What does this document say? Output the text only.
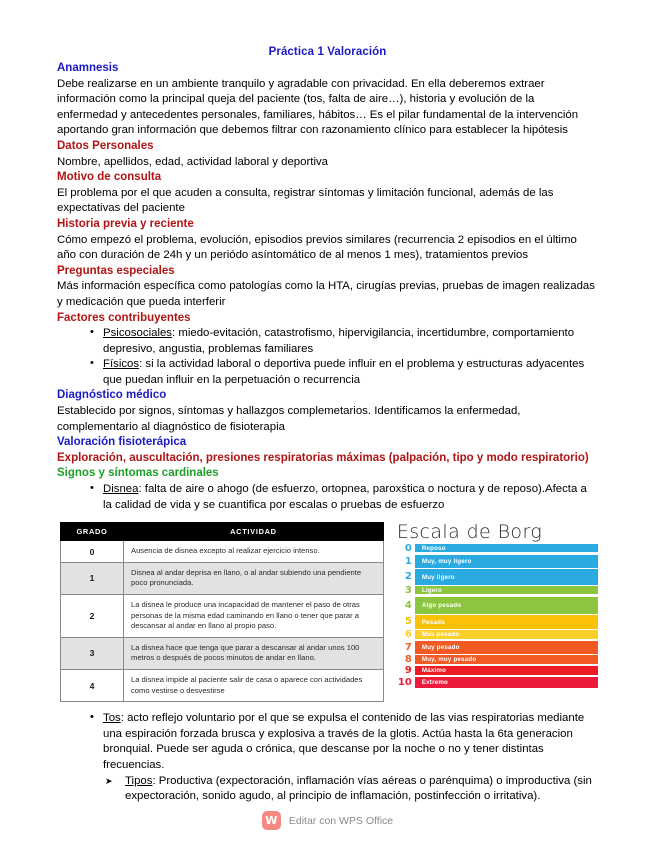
Práctica 1 Valoración
Anamnesis
Debe realizarse en un ambiente tranquilo y agradable con privacidad. En ella deberemos extraer información como la principal queja del paciente (tos, falta de aire…), historia y evolución de la enfermedad y antecedentes personales, familiares, hábitos… Es el pilar fundamental de la intervención aportando gran información que debemos filtrar con razonamiento clínico para establecer la hipótesis
Datos Personales
Nombre, apellidos, edad, actividad laboral y deportiva
Motivo de consulta
El problema por el que acuden a consulta, registrar síntomas y limitación funcional, además de las expectativas del paciente
Historia previa y reciente
Cómo empezó el problema, evolución, episodios previos similares (recurrencia 2 episodios en el último año con duración de 24h y un periódo asíntomático de al menos 1 mes), tratamientos previos
Preguntas especiales
Más información específica como patologías como la HTA, cirugías previas, pruebas de imagen realizadas y medicación que pueda interferir
Factores contribuyentes
• Psicosociales: miedo-evitación, catastrofismo, hipervigilancia, incertidumbre, comportamiento depresivo, angustia, problemas familiares
• Físicos: si la actividad laboral o deportiva puede influir en el problema y estructuras adyacentes que puedan influir en la perpetuación o recurrencia
Diagnóstico médico
Establecido por signos, síntomas y hallazgos complemetarios. Identificamos la enfermedad, complementario al diagnóstico de fisioterapia
Valoración fisioterápica
Exploración, auscultación, presiones respiratorias máximas (palpación, tipo y modo respiratorio)
Signos y síntomas cardinales
• Disnea: falta de aire o ahogo (de esfuerzo, ortopnea, paroxśtica o noctura y de reposo).Afecta a la calidad de vida y se cuantifica por escalas o pruebas de esfuerzo
GRADO	ACTIVIDAD
0	Ausencia de disnea excepto al realizar ejercicio intenso.
1	Disnea al andar deprisa en llano, o al andar subiendo una pendiente poco pronunciada.
2	La disnea le produce una incapacidad de mantener el paso de otras personas de la misma edad caminando en llano o tener que parar a descansar al andar en llano al propio paso.
3	La disnea hace que tenga que parar a descansar al andar unos 100 metros o después de pocos minutos de andar en llano.
4	La disnea impide al paciente salir de casa o aparece con actividades como vestirse o desvestirse
Escala de Borg
0	Reposo
1	Muy, muy ligero
2	Muy ligero
3	Ligero
4	Algo pesado
5	Pesado
6	Más pesado
7	Muy pesado
8	Muy, muy pesado
9	Máximo
10	Extremo
• Tos: acto reflejo voluntario por el que se expulsa el contenido de las vias respiratorias mediante una espiración forzada brusca y explosiva a través de la glotis. Actúa hasta la 6ta generacion bronquial. Puede ser aguda o crónica, que descanse por la noche o no y tener distintas frecuencias.
➤ Tipos: Productiva (expectoración, inflamación vías aéreas o parénquima) o improductiva (sin expectoración, sonido agudo, al principio de inflamación, postinfección o irritativa).
W	Editar con WPS Office
